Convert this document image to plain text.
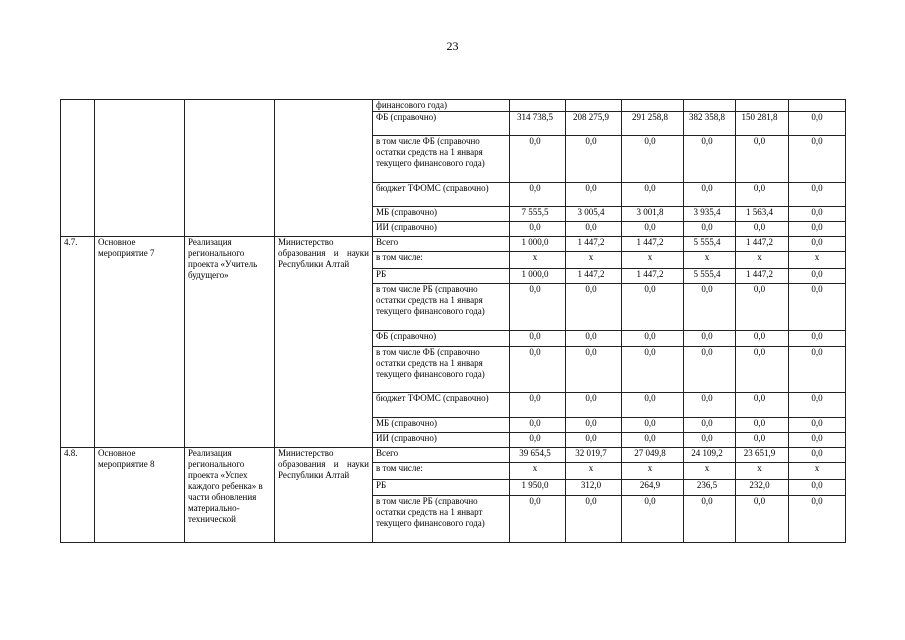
23
				финансового года)						
				ФБ (справочно)	314 738,5	208 275,9	291 258,8	382 358,8	150 281,8	0,0
				в том числе ФБ (справочно остатки средств на 1 января текущего финансового года)	0,0	0,0	0,0	0,0	0,0	0,0
				бюджет ТФОМС (справочно)	0,0	0,0	0,0	0,0	0,0	0,0
				МБ (справочно)	7 555,5	3 005,4	3 001,8	3 935,4	1 563,4	0,0
				ИИ (справочно)	0,0	0,0	0,0	0,0	0,0	0,0
4.7.	Основное мероприятие 7	Реализация регионального проекта «Учитель будущего»	Министерство образования и науки Республики Алтай	Всего	1 000,0	1 447,2	1 447,2	5 555,4	1 447,2	0,0
				в том числе:	x	x	x	x	x	x
				РБ	1 000,0	1 447,2	1 447,2	5 555,4	1 447,2	0,0
				в том числе РБ (справочно остатки средств на 1 января текущего финансового года)	0,0	0,0	0,0	0,0	0,0	0,0
				ФБ (справочно)	0,0	0,0	0,0	0,0	0,0	0,0
				в том числе ФБ (справочно остатки средств на 1 января текущего финансового года)	0,0	0,0	0,0	0,0	0,0	0,0
				бюджет ТФОМС (справочно)	0,0	0,0	0,0	0,0	0,0	0,0
				МБ (справочно)	0,0	0,0	0,0	0,0	0,0	0,0
				ИИ (справочно)	0,0	0,0	0,0	0,0	0,0	0,0
4.8.	Основное мероприятие 8	Реализация регионального проекта «Успех каждого ребенка» в части обновления материально-технической	Министерство образования и науки Республики Алтай	Всего	39 654,5	32 019,7	27 049,8	24 109,2	23 651,9	0,0
				в том числе:	x	x	x	x	x	x
				РБ	1 950,0	312,0	264,9	236,5	232,0	0,0
				в том числе РБ (справочно остатки средств на 1 январт текущего финансового года)	0,0	0,0	0,0	0,0	0,0	0,0
